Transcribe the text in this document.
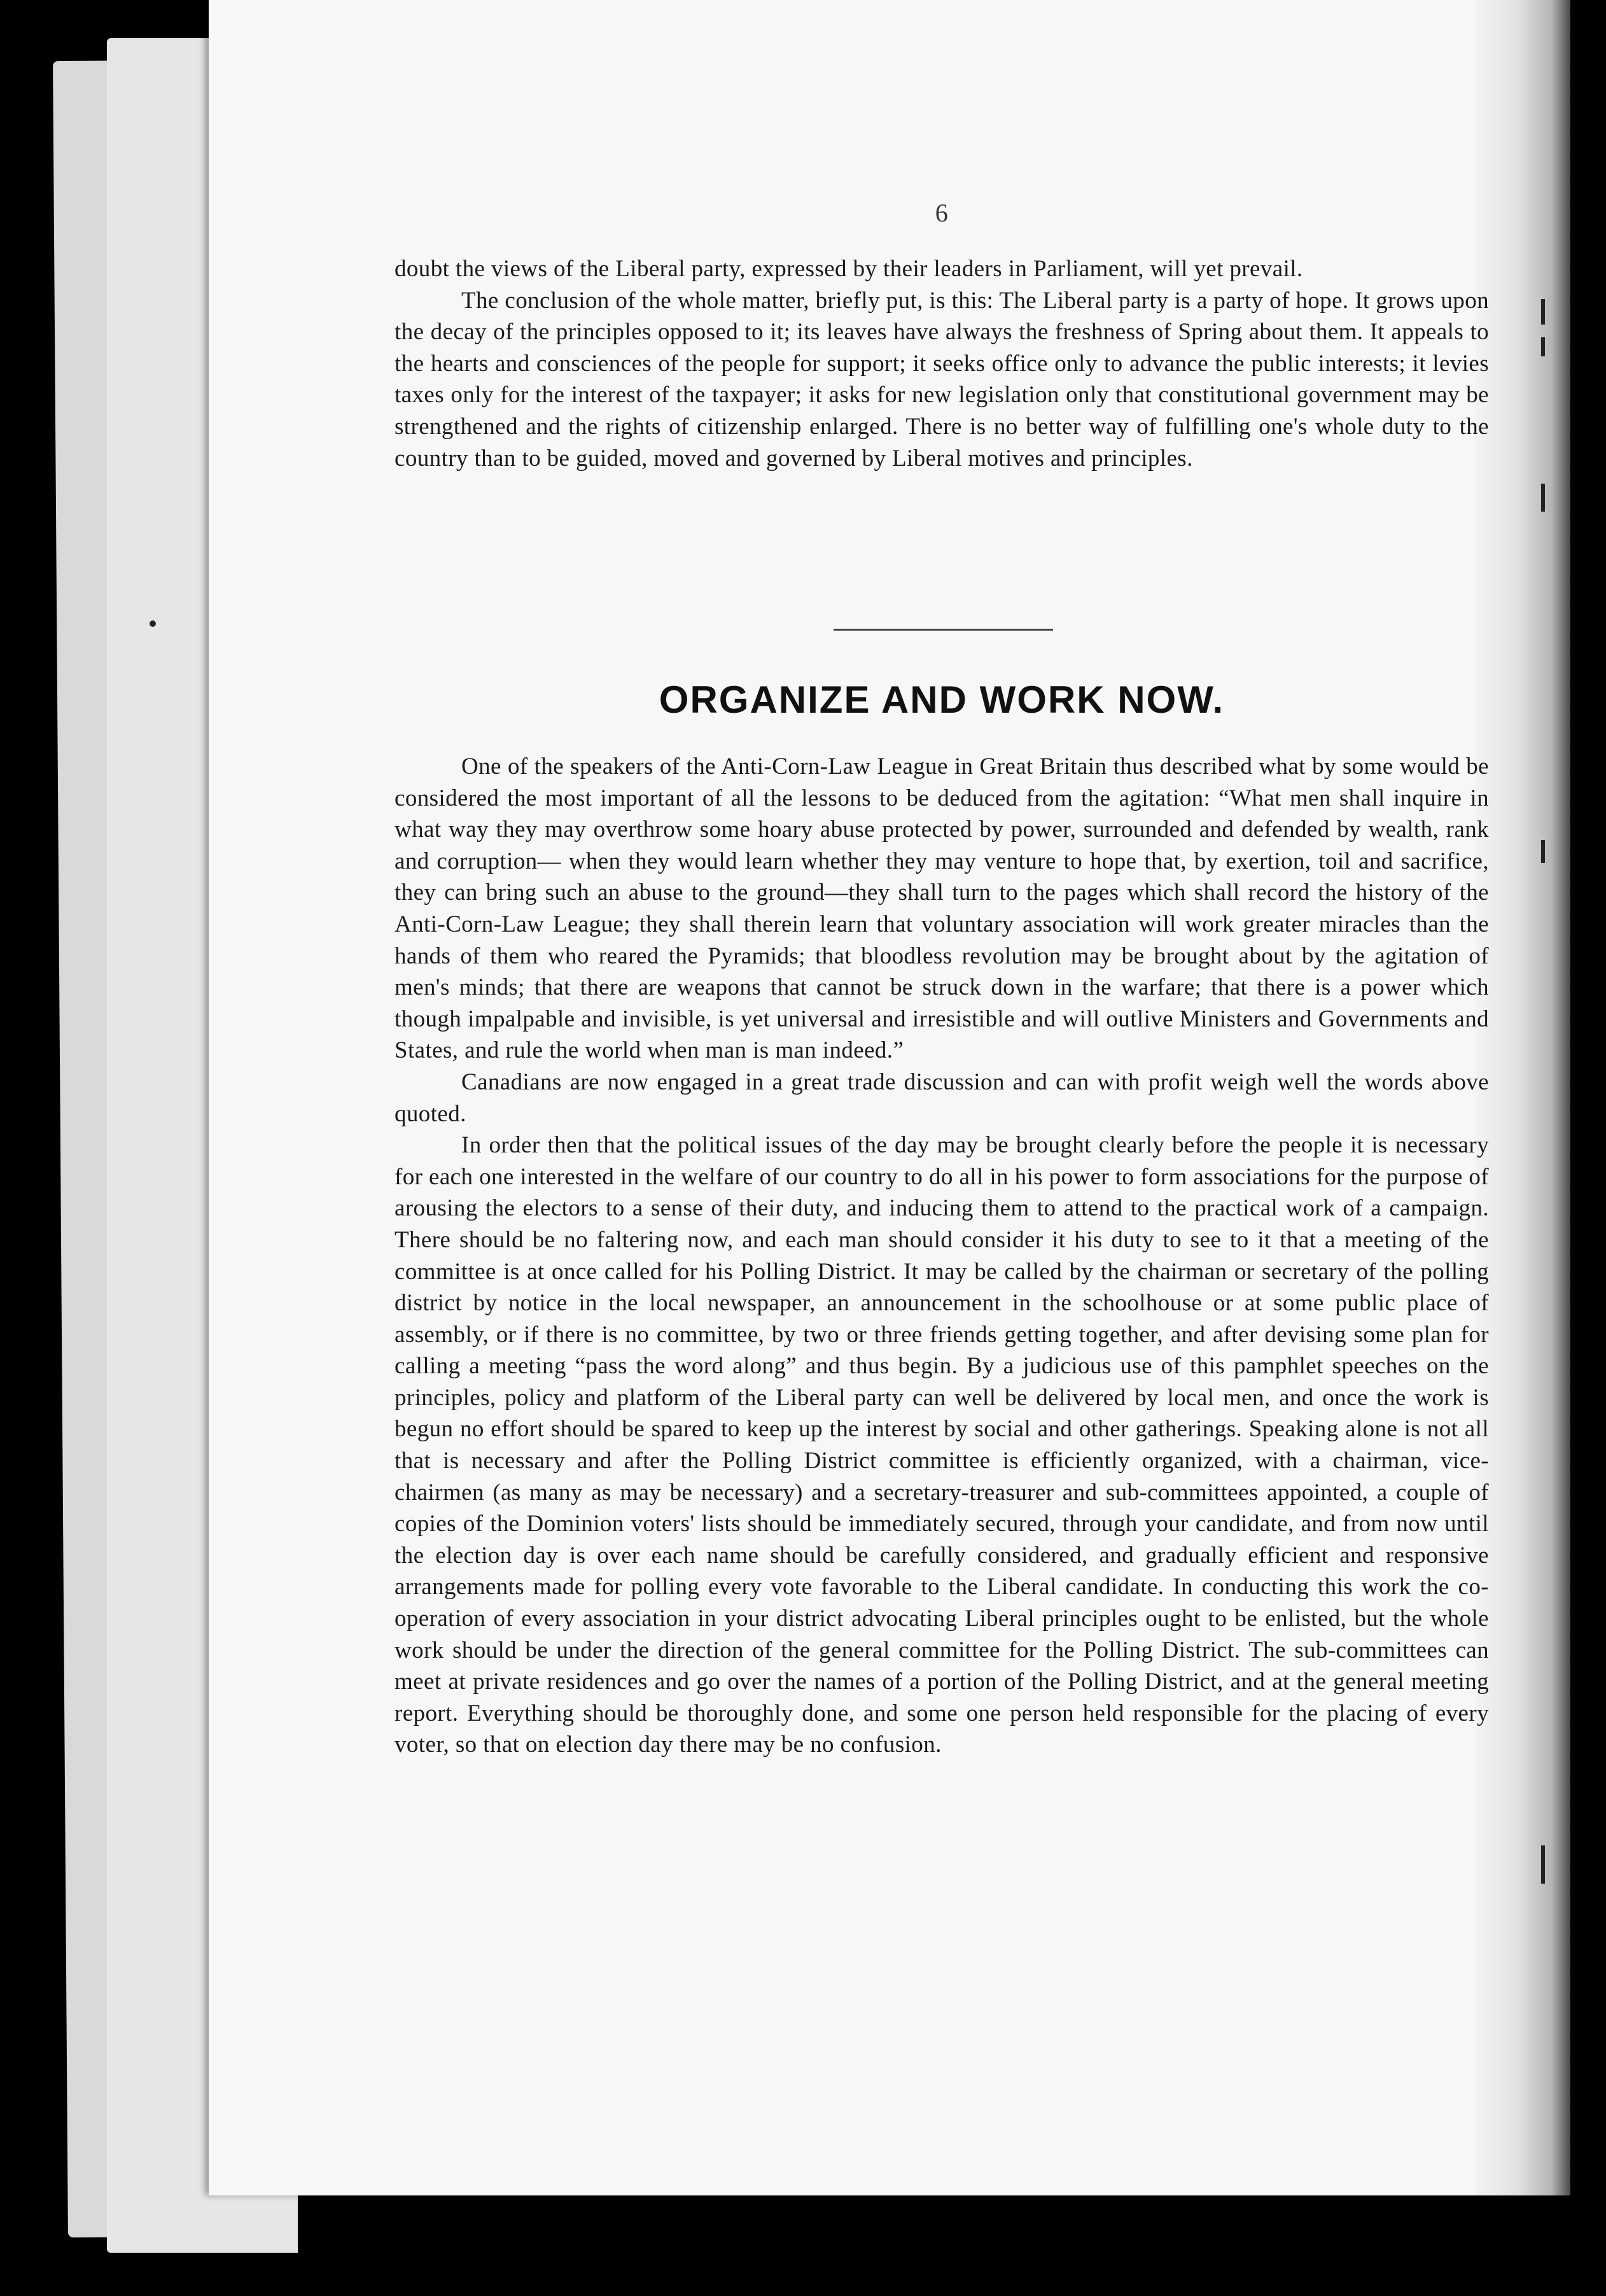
6

doubt the views of the Liberal party, expressed by their leaders in Parliament, will yet prevail.

The conclusion of the whole matter, briefly put, is this: The Liberal party is a party of hope. It grows upon the decay of the principles opposed to it; its leaves have always the freshness of Spring about them. It appeals to the hearts and consciences of the people for support; it seeks office only to advance the public interests; it levies taxes only for the interest of the taxpayer; it asks for new legislation only that constitutional government may be strengthened and the rights of citizenship enlarged. There is no better way of fulfilling one's whole duty to the country than to be guided, moved and governed by Liberal motives and principles.

ORGANIZE AND WORK NOW.

One of the speakers of the Anti-Corn-Law League in Great Britain thus described what by some would be considered the most important of all the lessons to be deduced from the agitation: “What men shall inquire in what way they may overthrow some hoary abuse protected by power, surrounded and defended by wealth, rank and corruption— when they would learn whether they may venture to hope that, by exertion, toil and sacrifice, they can bring such an abuse to the ground—they shall turn to the pages which shall record the history of the Anti-Corn-Law League; they shall therein learn that voluntary association will work greater miracles than the hands of them who reared the Pyramids; that bloodless revolution may be brought about by the agitation of men's minds; that there are weapons that cannot be struck down in the warfare; that there is a power which though impalpable and invisible, is yet universal and irresistible and will outlive Ministers and Governments and States, and rule the world when man is man indeed.”

Canadians are now engaged in a great trade discussion and can with profit weigh well the words above quoted.

In order then that the political issues of the day may be brought clearly before the people it is necessary for each one interested in the welfare of our country to do all in his power to form associations for the purpose of arousing the electors to a sense of their duty, and inducing them to attend to the practical work of a campaign. There should be no faltering now, and each man should consider it his duty to see to it that a meeting of the committee is at once called for his Polling District. It may be called by the chairman or secretary of the polling district by notice in the local newspaper, an announcement in the schoolhouse or at some public place of assembly, or if there is no committee, by two or three friends getting together, and after devising some plan for calling a meeting “pass the word along” and thus begin. By a judicious use of this pamphlet speeches on the principles, policy and platform of the Liberal party can well be delivered by local men, and once the work is begun no effort should be spared to keep up the interest by social and other gatherings. Speaking alone is not all that is necessary and after the Polling District committee is efficiently organized, with a chairman, vice-chairmen (as many as may be necessary) and a secretary-treasurer and sub-committees appointed, a couple of copies of the Dominion voters' lists should be immediately secured, through your candidate, and from now until the election day is over each name should be carefully considered, and gradually efficient and responsive arrangements made for polling every vote favorable to the Liberal candidate. In conducting this work the co-operation of every association in your district advocating Liberal principles ought to be enlisted, but the whole work should be under the direction of the general committee for the Polling District. The sub-committees can meet at private residences and go over the names of a portion of the Polling District, and at the general meeting report. Everything should be thoroughly done, and some one person held responsible for the placing of every voter, so that on election day there may be no confusion.
